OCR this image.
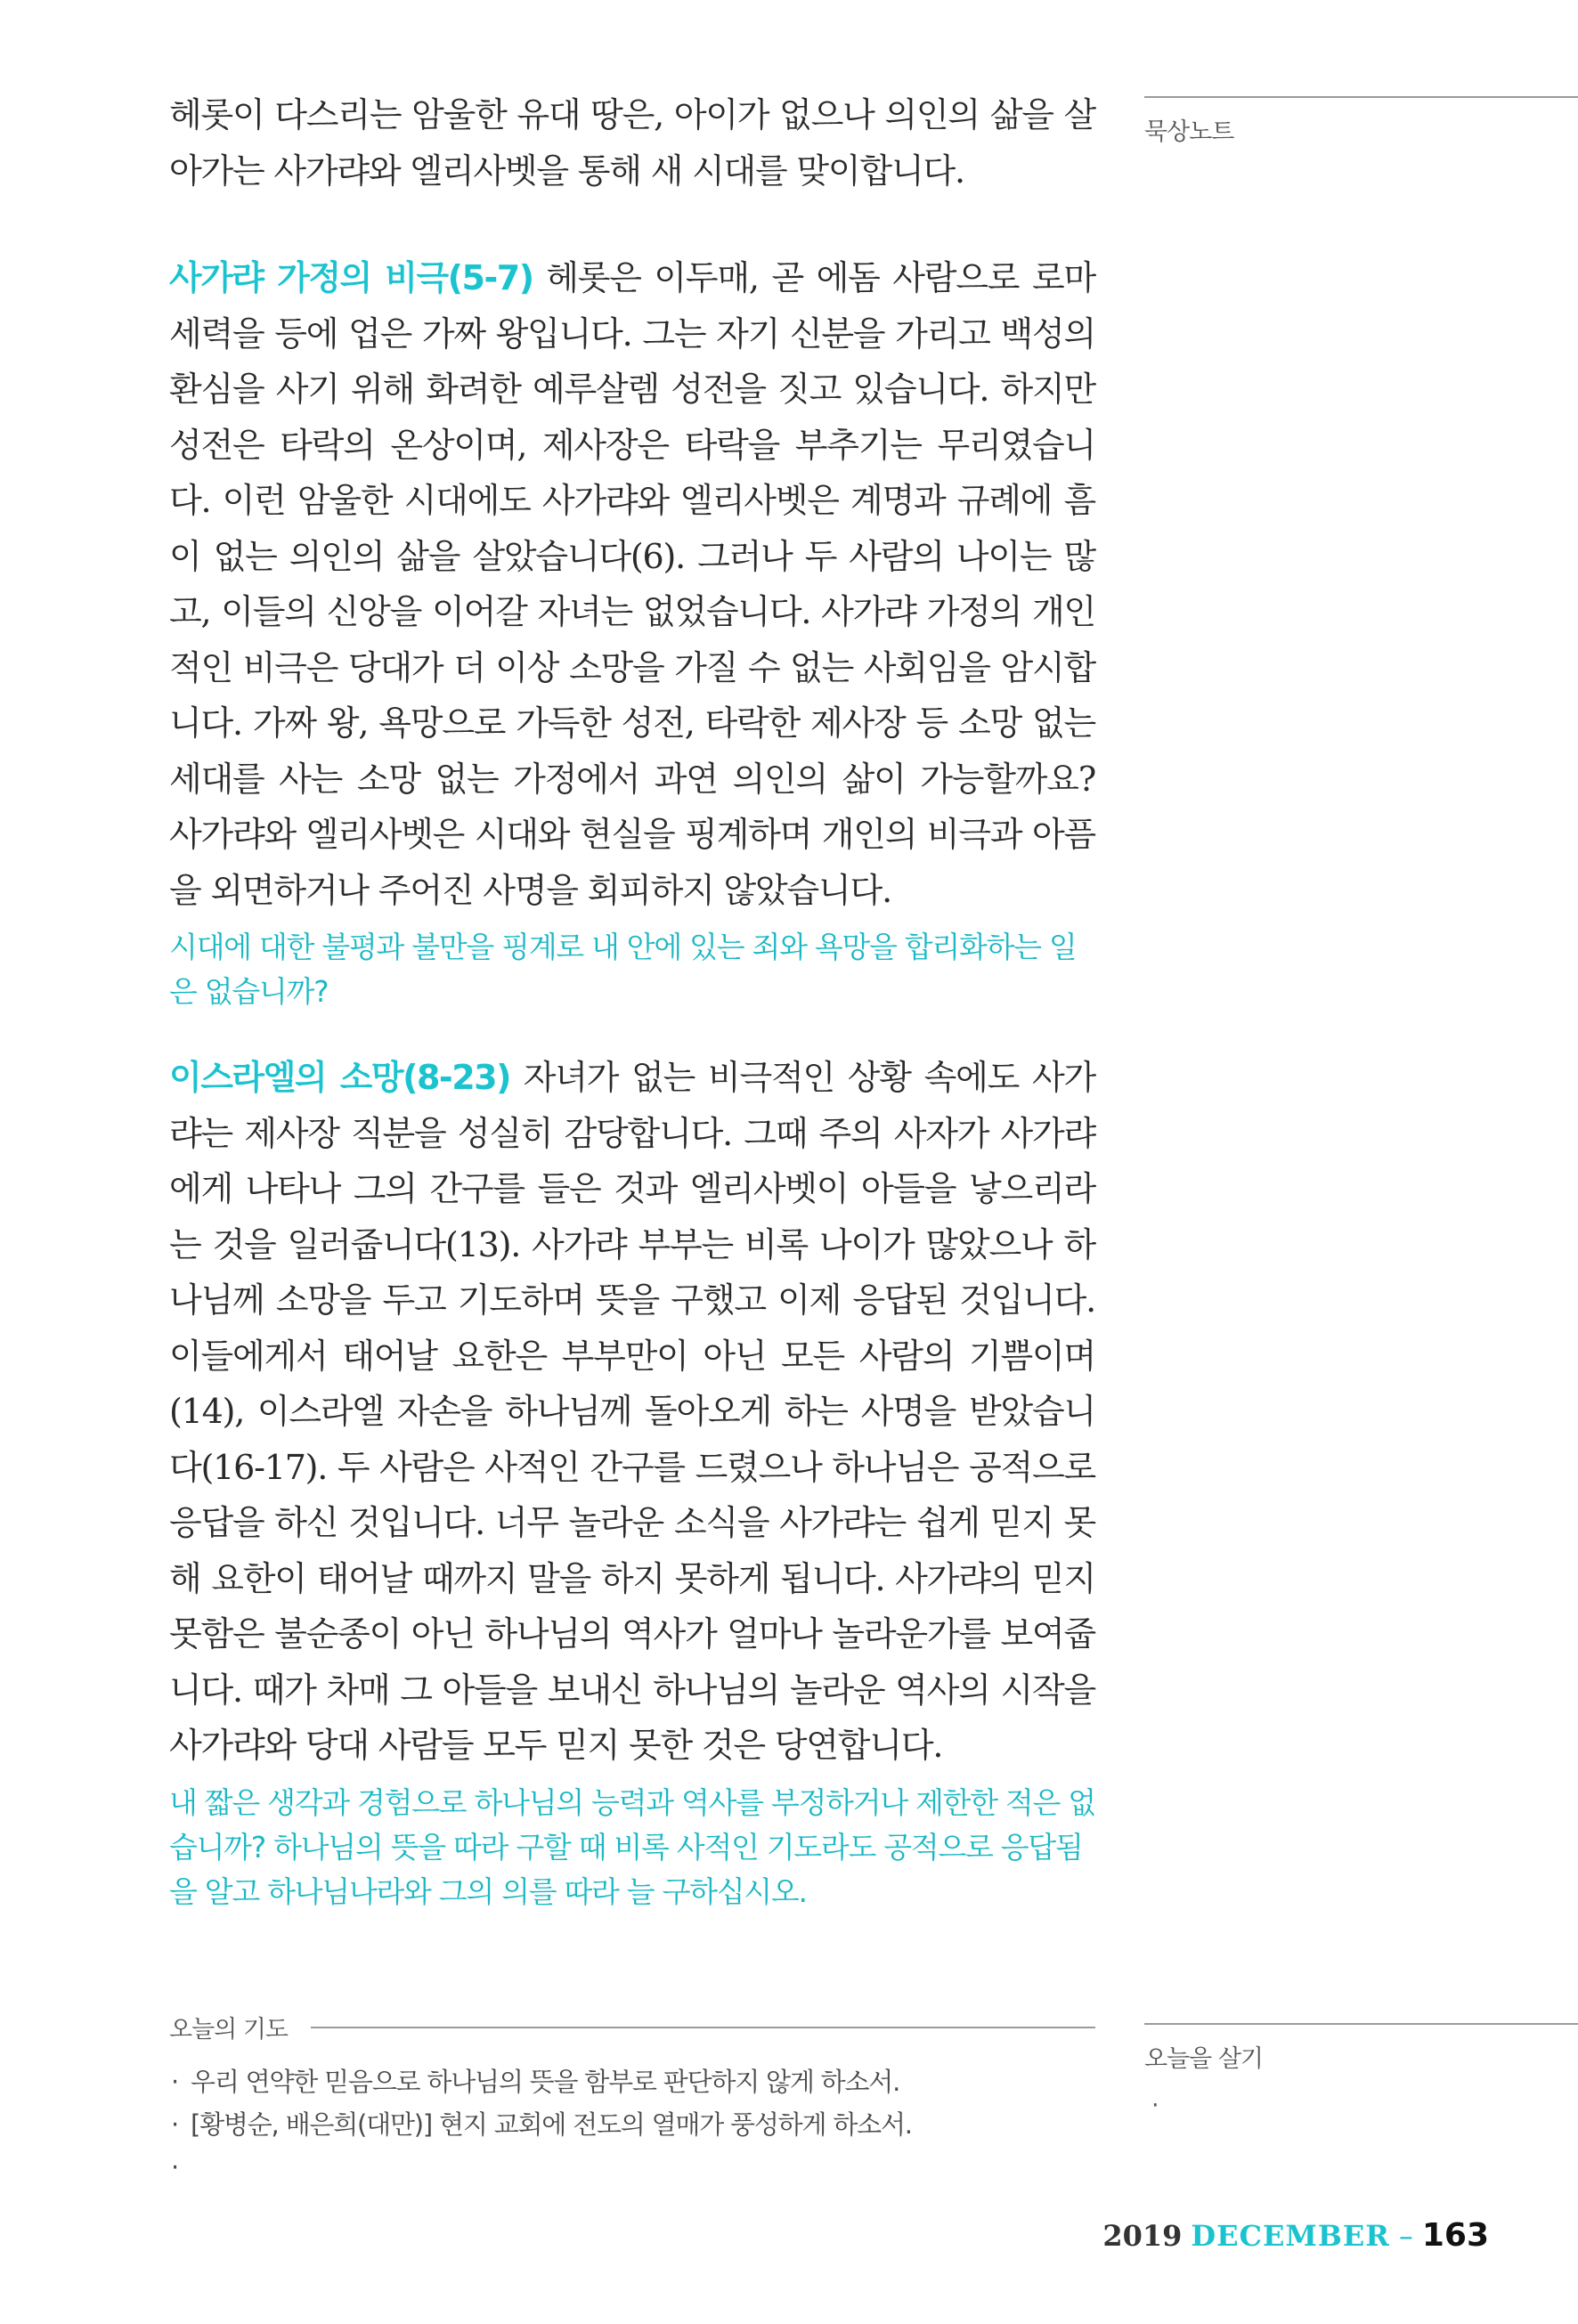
묵상노트

헤롯이 다스리는 암울한 유대 땅은, 아이가 없으나 의인의 삶을 살아가는 사가랴와 엘리사벳을 통해 새 시대를 맞이합니다.

사가랴 가정의 비극(5-7) 헤롯은 이두매, 곧 에돔 사람으로 로마 세력을 등에 업은 가짜 왕입니다. 그는 자기 신분을 가리고 백성의 환심을 사기 위해 화려한 예루살렘 성전을 짓고 있습니다. 하지만 성전은 타락의 온상이며, 제사장은 타락을 부추기는 무리였습니다. 이런 암울한 시대에도 사가랴와 엘리사벳은 계명과 규례에 흠이 없는 의인의 삶을 살았습니다(6). 그러나 두 사람의 나이는 많고, 이들의 신앙을 이어갈 자녀는 없었습니다. 사가랴 가정의 개인적인 비극은 당대가 더 이상 소망을 가질 수 없는 사회임을 암시합니다. 가짜 왕, 욕망으로 가득한 성전, 타락한 제사장 등 소망 없는 세대를 사는 소망 없는 가정에서 과연 의인의 삶이 가능할까요? 사가랴와 엘리사벳은 시대와 현실을 핑계하며 개인의 비극과 아픔을 외면하거나 주어진 사명을 회피하지 않았습니다.

시대에 대한 불평과 불만을 핑계로 내 안에 있는 죄와 욕망을 합리화하는 일은 없습니까?

이스라엘의 소망(8-23) 자녀가 없는 비극적인 상황 속에도 사가랴는 제사장 직분을 성실히 감당합니다. 그때 주의 사자가 사가랴에게 나타나 그의 간구를 들은 것과 엘리사벳이 아들을 낳으리라는 것을 일러줍니다(13). 사가랴 부부는 비록 나이가 많았으나 하나님께 소망을 두고 기도하며 뜻을 구했고 이제 응답된 것입니다. 이들에게서 태어날 요한은 부부만이 아닌 모든 사람의 기쁨이며(14), 이스라엘 자손을 하나님께 돌아오게 하는 사명을 받았습니다(16-17). 두 사람은 사적인 간구를 드렸으나 하나님은 공적으로 응답을 하신 것입니다. 너무 놀라운 소식을 사가랴는 쉽게 믿지 못해 요한이 태어날 때까지 말을 하지 못하게 됩니다. 사가랴의 믿지 못함은 불순종이 아닌 하나님의 역사가 얼마나 놀라운가를 보여줍니다. 때가 차매 그 아들을 보내신 하나님의 놀라운 역사의 시작을 사가랴와 당대 사람들 모두 믿지 못한 것은 당연합니다.

내 짧은 생각과 경험으로 하나님의 능력과 역사를 부정하거나 제한한 적은 없습니까? 하나님의 뜻을 따라 구할 때 비록 사적인 기도라도 공적으로 응답됨을 알고 하나님나라와 그의 의를 따라 늘 구하십시오.

오늘의 기도
· 우리 연약한 믿음으로 하나님의 뜻을 함부로 판단하지 않게 하소서.
· [황병순, 배은희(대만)] 현지 교회에 전도의 열매가 풍성하게 하소서.
오늘을 살기
·
2019 DECEMBER – 163
